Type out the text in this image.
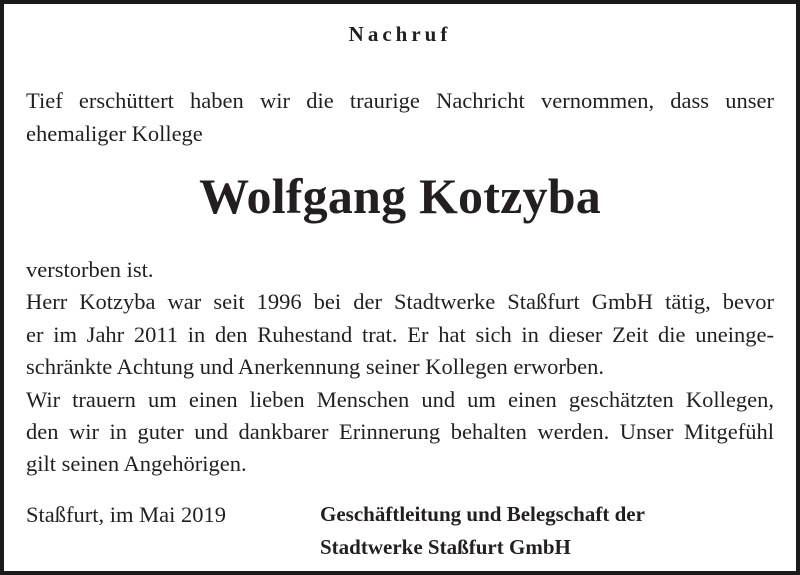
Nachruf

Tief erschüttert haben wir die traurige Nachricht vernommen, dass unser
ehemaliger Kollege

Wolfgang Kotzyba

verstorben ist.
Herr Kotzyba war seit 1996 bei der Stadtwerke Staßfurt GmbH tätig, bevor
er im Jahr 2011 in den Ruhestand trat. Er hat sich in dieser Zeit die uneinge-
schränkte Achtung und Anerkennung seiner Kollegen erworben.
Wir trauern um einen lieben Menschen und um einen geschätzten Kollegen,
den wir in guter und dankbarer Erinnerung behalten werden. Unser Mitgefühl
gilt seinen Angehörigen.

Staßfurt, im Mai 2019	Geschäftleitung und Belegschaft der
Stadtwerke Staßfurt GmbH
